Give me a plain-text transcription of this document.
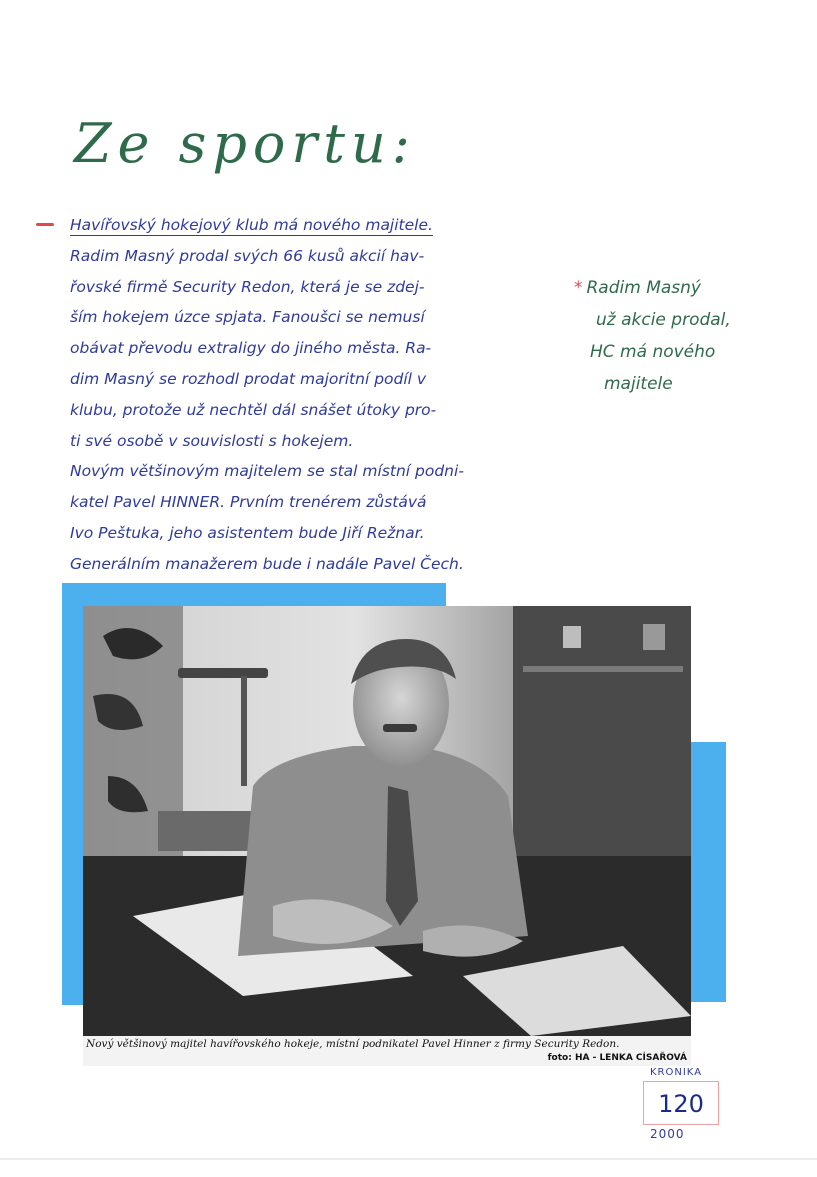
Ze sportu:
Havířovský hokejový klub má nového majitele.
Radim Masný prodal svých 66 kusů akcií hav-
řovské firmě Security Redon, která je se zdej-
ším hokejem úzce spjata. Fanoušci se nemusí
obávat převodu extraligy do jiného města. Ra-
dim Masný se rozhodl prodat majoritní podíl v
klubu, protože už nechtěl dál snášet útoky pro-
ti své osobě v souvislosti s hokejem.
Novým většinovým majitelem se stal místní podni-
katel Pavel HINNER. Prvním trenérem zůstává
Ivo Peštuka, jeho asistentem bude Jiří Režnar.
Generálním manažerem bude i nadále Pavel Čech.
* Radim Masný
už akcie prodal,
HC má nového
majitele
Nový většinový majitel havířovského hokeje, místní podnikatel Pavel Hinner z firmy Security Redon.
foto: HA - LENKA CÍSAŘOVÁ
KRONIKA
120
2000
